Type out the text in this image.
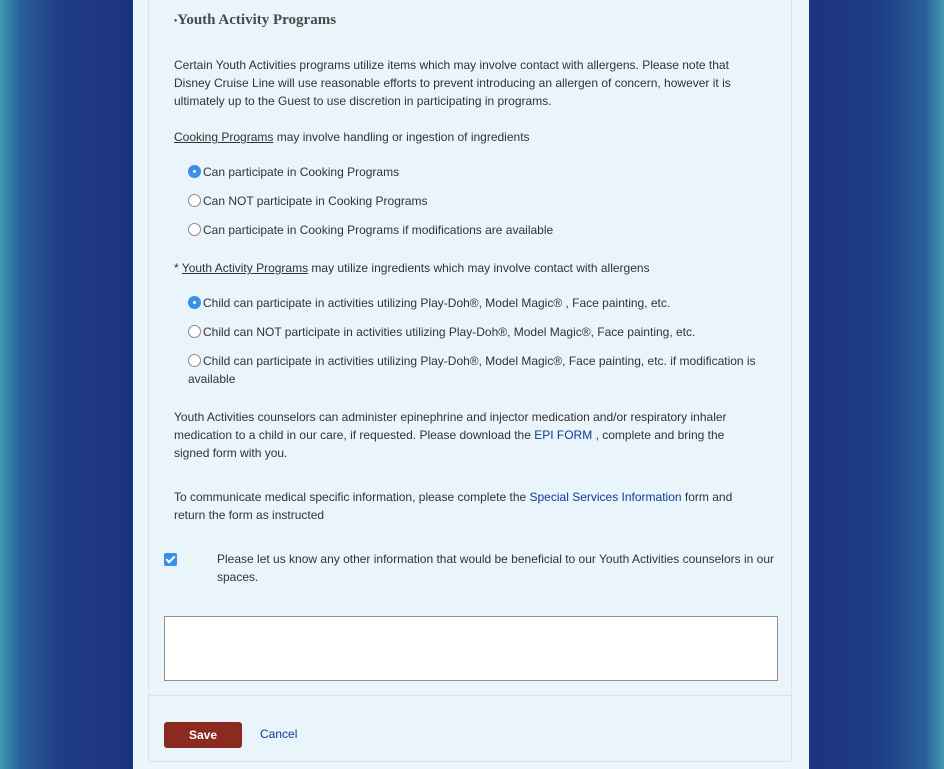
•Youth Activity Programs
Certain Youth Activities programs utilize items which may involve contact with allergens. Please note that Disney Cruise Line will use reasonable efforts to prevent introducing an allergen of concern, however it is ultimately up to the Guest to use discretion in participating in programs.
Cooking Programs may involve handling or ingestion of ingredients
Can participate in Cooking Programs
Can NOT participate in Cooking Programs
Can participate in Cooking Programs if modifications are available
* Youth Activity Programs may utilize ingredients which may involve contact with allergens
Child can participate in activities utilizing Play-Doh®, Model Magic® , Face painting, etc.
Child can NOT participate in activities utilizing Play-Doh®, Model Magic®, Face painting, etc.
Child can participate in activities utilizing Play-Doh®, Model Magic®, Face painting, etc. if modification is available
Youth Activities counselors can administer epinephrine and injector medication and/or respiratory inhaler medication to a child in our care, if requested. Please download the EPI FORM , complete and bring the signed form with you.
To communicate medical specific information, please complete the Special Services Information form and return the form as instructed
Please let us know any other information that would be beneficial to our Youth Activities counselors in our spaces.
Save	Cancel
